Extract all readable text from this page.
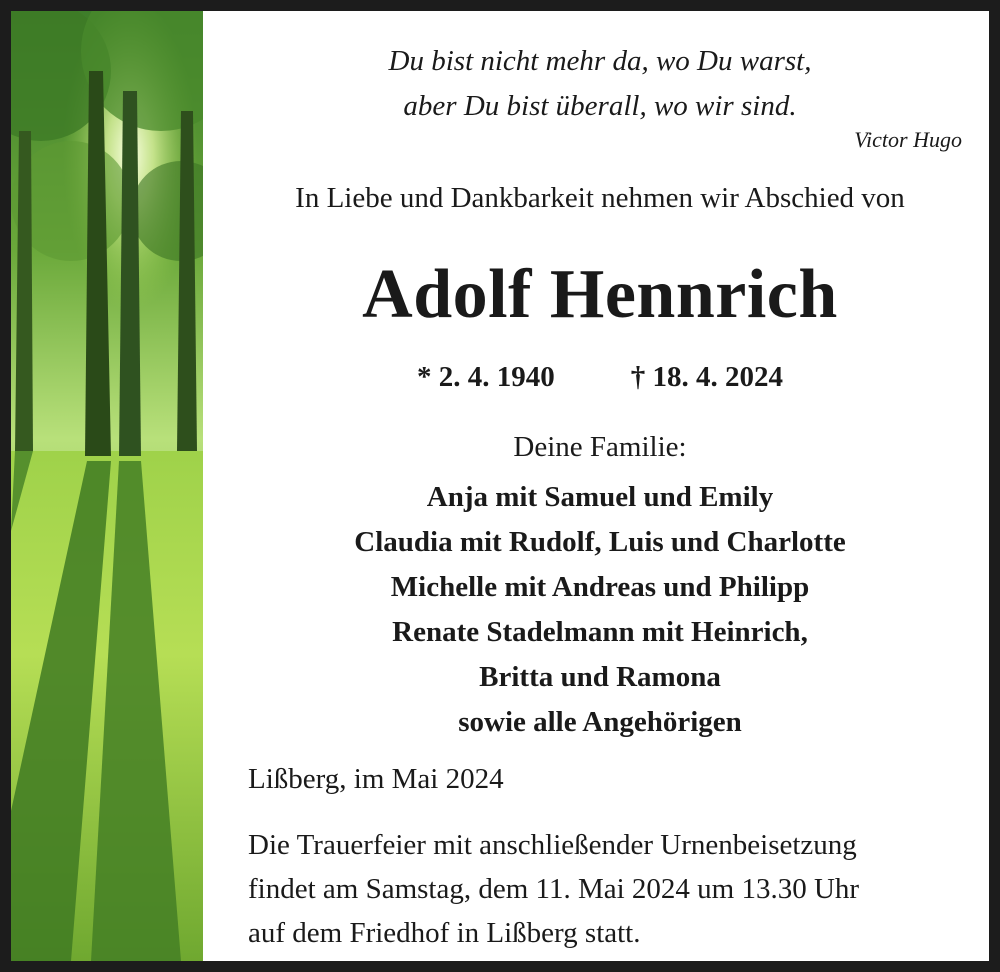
Du bist nicht mehr da, wo Du warst,
aber Du bist überall, wo wir sind.
Victor Hugo
In Liebe und Dankbarkeit nehmen wir Abschied von
Adolf Hennrich
* 2. 4. 1940	† 18. 4. 2024
Deine Familie:
Anja mit Samuel und Emily
Claudia mit Rudolf, Luis und Charlotte
Michelle mit Andreas und Philipp
Renate Stadelmann mit Heinrich,
Britta und Ramona
sowie alle Angehörigen
Lißberg, im Mai 2024
Die Trauerfeier mit anschließender Urnenbeisetzung
findet am Samstag, dem 11. Mai 2024 um 13.30 Uhr
auf dem Friedhof in Lißberg statt.
